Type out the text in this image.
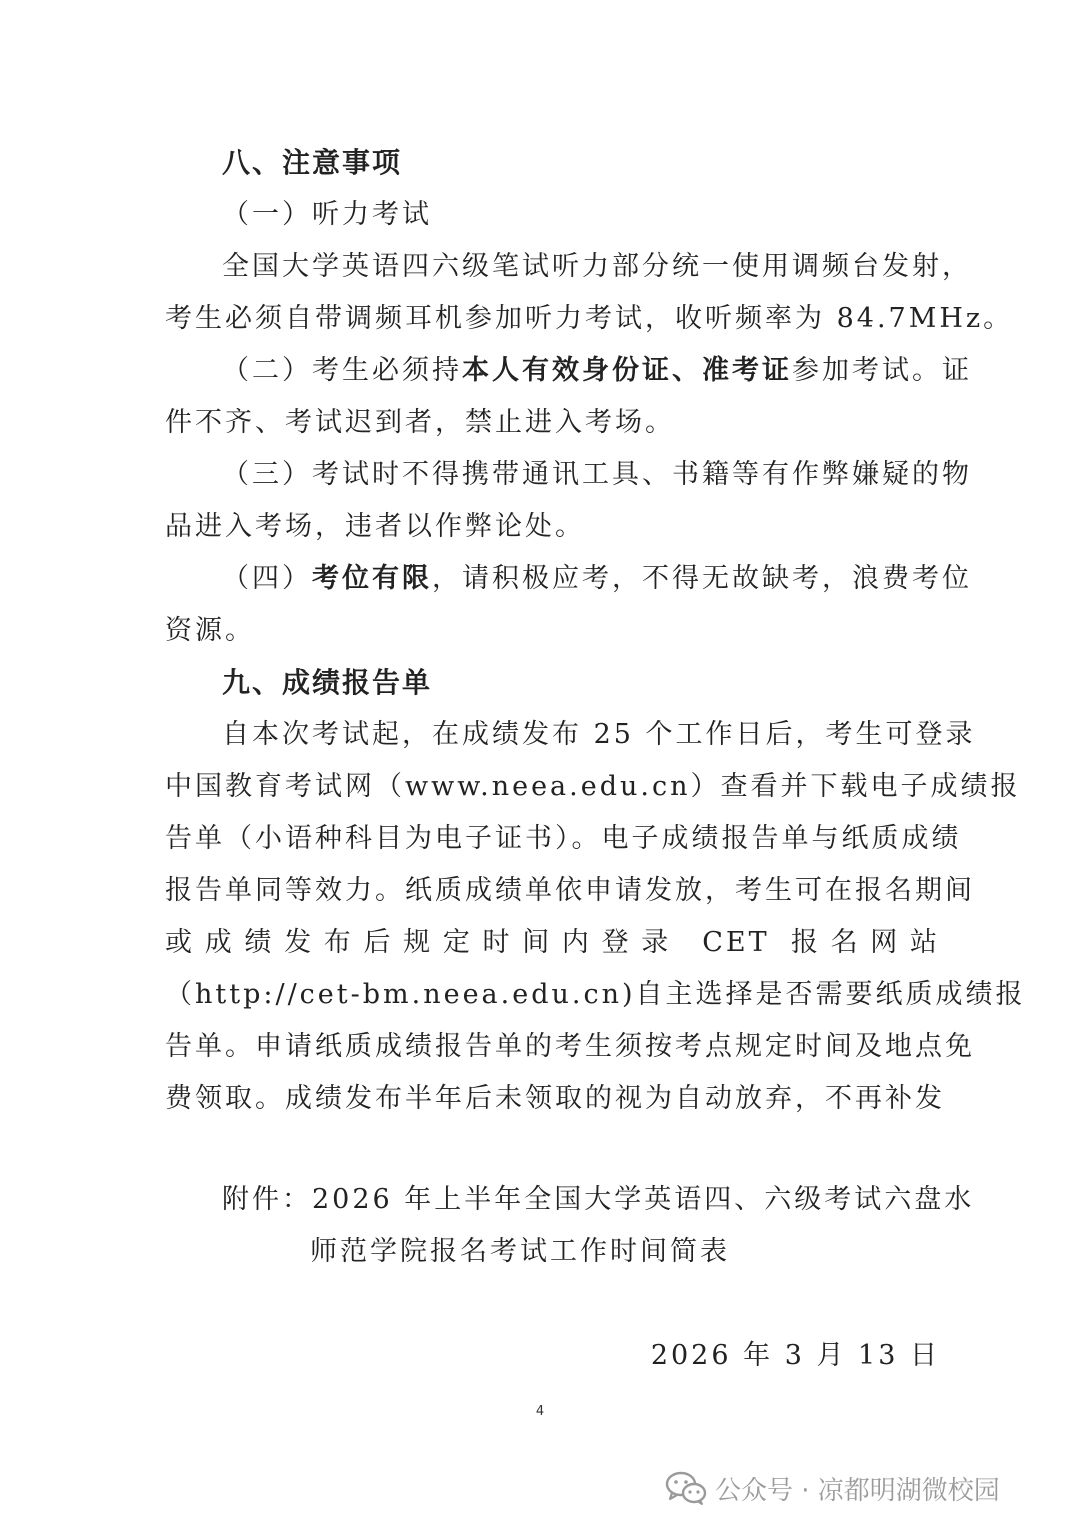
八、注意事项
（一）听力考试
全国大学英语四六级笔试听力部分统一使用调频台发射，
考生必须自带调频耳机参加听力考试，收听频率为 84.7MHz。
（二）考生必须持本人有效身份证、准考证参加考试。证
件不齐、考试迟到者，禁止进入考场。
（三）考试时不得携带通讯工具、书籍等有作弊嫌疑的物
品进入考场，违者以作弊论处。
（四）考位有限，请积极应考，不得无故缺考，浪费考位
资源。
九、成绩报告单
自本次考试起，在成绩发布 25 个工作日后，考生可登录
中国教育考试网（www.neea.edu.cn）查看并下载电子成绩报
告单（小语种科目为电子证书）。电子成绩报告单与纸质成绩
报告单同等效力。纸质成绩单依申请发放，考生可在报名期间
或成绩发布后规定时间内登录 CET 报名网站
（http://cet-bm.neea.edu.cn)自主选择是否需要纸质成绩报
告单。申请纸质成绩报告单的考生须按考点规定时间及地点免
费领取。成绩发布半年后未领取的视为自动放弃，不再补发
附件：2026 年上半年全国大学英语四、六级考试六盘水
师范学院报名考试工作时间简表
2026 年 3 月 13 日
4
公众号 · 凉都明湖微校园
